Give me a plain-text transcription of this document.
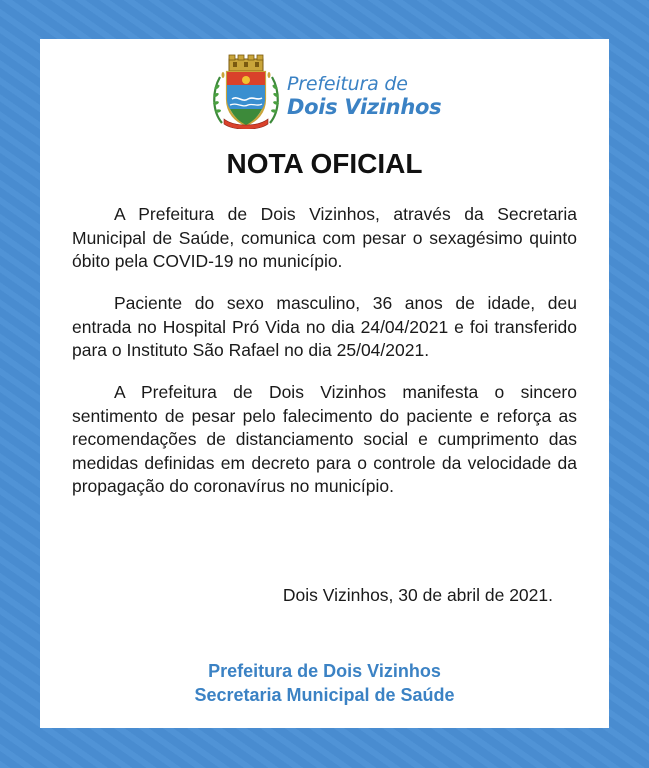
Prefeitura de
Dois Vizinhos
NOTA OFICIAL

A Prefeitura de Dois Vizinhos, através da Secretaria Municipal de Saúde, comunica com pesar o sexagésimo quinto óbito pela COVID-19 no município.

Paciente do sexo masculino, 36 anos de idade, deu entrada no Hospital Pró Vida no dia 24/04/2021 e foi transferido para o Instituto São Rafael no dia 25/04/2021.

A Prefeitura de Dois Vizinhos manifesta o sincero sentimento de pesar pelo falecimento do paciente e reforça as recomendações de distanciamento social e cumprimento das medidas definidas em decreto para o controle da velocidade da propagação do coronavírus no município.

Dois Vizinhos, 30 de abril de 2021.

Prefeitura de Dois Vizinhos
Secretaria Municipal de Saúde
